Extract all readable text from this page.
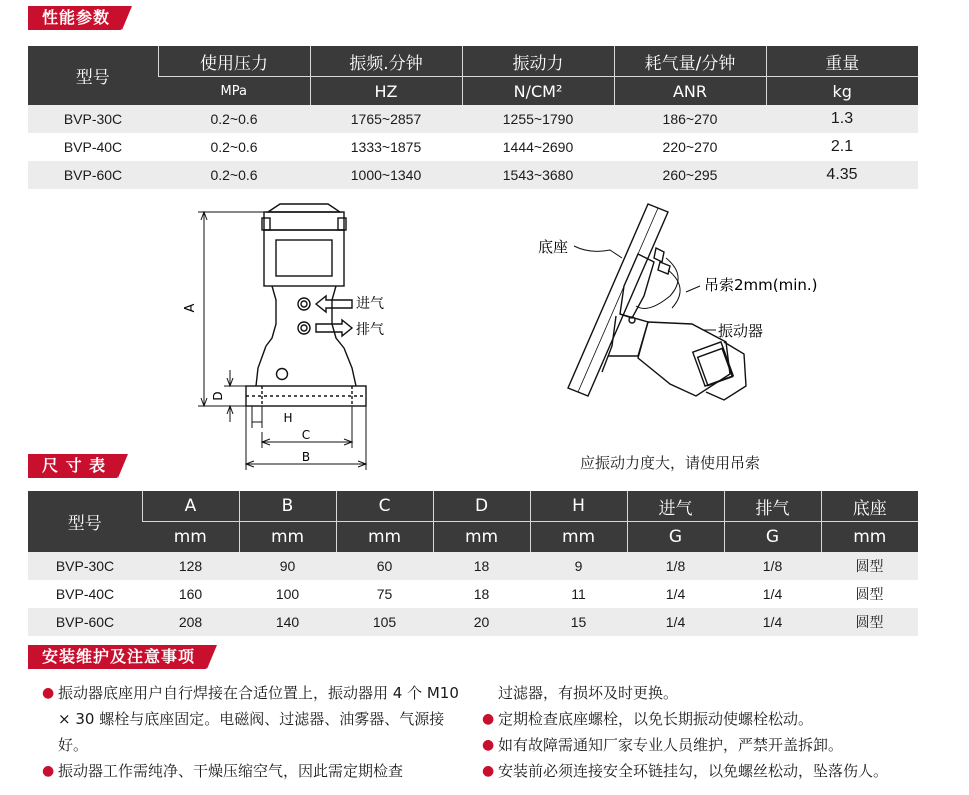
性能参数
型号	使用压力	振频.分钟	振动力	耗气量/分钟	重量
	MPa	HZ	N/CM²	ANR	kg
BVP-30C	0.2~0.6	1765~2857	1255~1790	186~270	1.3
BVP-40C	0.2~0.6	1333~1875	1444~2690	220~270	2.1
BVP-60C	0.2~0.6	1000~1340	1543~3680	260~295	4.35
A
D
H
C
B
进气
排气
底座
吊索2mm(min.)
振动器
应振动力度大，请使用吊索
尺 寸 表
型号	A	B	C	D	H	进气	排气	底座
	mm	mm	mm	mm	mm	G	G	mm
BVP-30C	128	90	60	18	9	1/8	1/8	圆型
BVP-40C	160	100	75	18	11	1/4	1/4	圆型
BVP-60C	208	140	105	20	15	1/4	1/4	圆型
安装维护及注意事项
● 振动器底座用户自行焊接在合适位置上，振动器用 4 个 M10 × 30 螺栓与底座固定。电磁阀、过滤器、油雾器、气源接好。
● 振动器工作需纯净、干燥压缩空气，因此需定期检查
过滤器，有损坏及时更换。
● 定期检查底座螺栓，以免长期振动使螺栓松动。
● 如有故障需通知厂家专业人员维护，严禁开盖拆卸。
● 安装前必须连接安全环链挂勾，以免螺丝松动，坠落伤人。
